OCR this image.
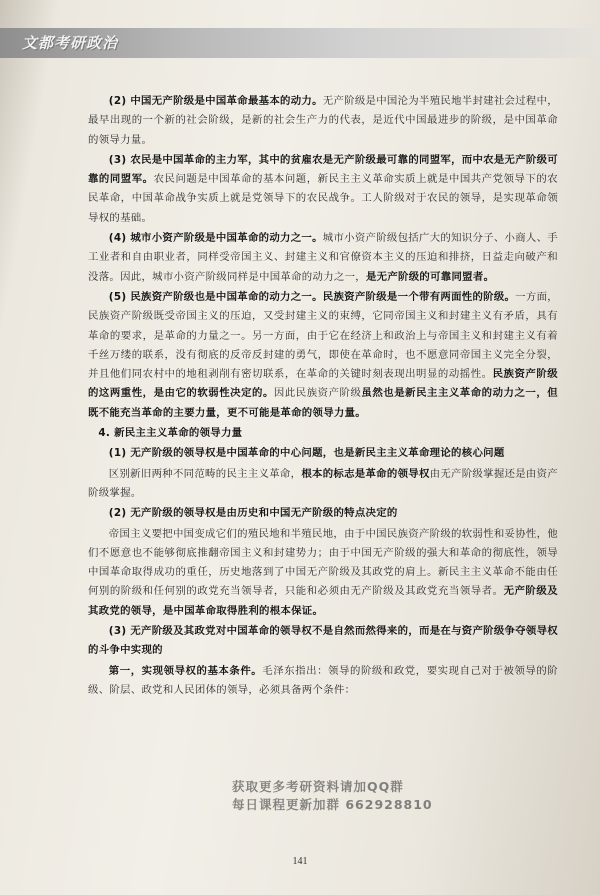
文都考研政治

(2) 中国无产阶级是中国革命最基本的动力。无产阶级是中国沦为半殖民地半封建社会过程中，最早出现的一个新的社会阶级，是新的社会生产力的代表，是近代中国最进步的阶级，是中国革命的领导力量。

(3) 农民是中国革命的主力军，其中的贫雇农是无产阶级最可靠的同盟军，而中农是无产阶级可靠的同盟军。农民问题是中国革命的基本问题，新民主主义革命实质上就是中国共产党领导下的农民革命，中国革命战争实质上就是党领导下的农民战争。工人阶级对于农民的领导，是实现革命领导权的基础。

(4) 城市小资产阶级是中国革命的动力之一。城市小资产阶级包括广大的知识分子、小商人、手工业者和自由职业者，同样受帝国主义、封建主义和官僚资本主义的压迫和排挤，日益走向破产和没落。因此，城市小资产阶级同样是中国革命的动力之一，是无产阶级的可靠同盟者。

(5) 民族资产阶级也是中国革命的动力之一。民族资产阶级是一个带有两面性的阶级。一方面，民族资产阶级既受帝国主义的压迫，又受封建主义的束缚，它同帝国主义和封建主义有矛盾，具有革命的要求，是革命的力量之一。另一方面，由于它在经济上和政治上与帝国主义和封建主义有着千丝万缕的联系，没有彻底的反帝反封建的勇气，即使在革命时，也不愿意同帝国主义完全分裂，并且他们同农村中的地租剥削有密切联系，在革命的关键时刻表现出明显的动摇性。民族资产阶级的这两重性，是由它的软弱性决定的。因此民族资产阶级虽然也是新民主主义革命的动力之一，但既不能充当革命的主要力量，更不可能是革命的领导力量。

4. 新民主主义革命的领导力量

(1) 无产阶级的领导权是中国革命的中心问题，也是新民主主义革命理论的核心问题

区别新旧两种不同范畴的民主主义革命，根本的标志是革命的领导权由无产阶级掌握还是由资产阶级掌握。

(2) 无产阶级的领导权是由历史和中国无产阶级的特点决定的

帝国主义要把中国变成它们的殖民地和半殖民地，由于中国民族资产阶级的软弱性和妥协性，他们不愿意也不能够彻底推翻帝国主义和封建势力；由于中国无产阶级的强大和革命的彻底性，领导中国革命取得成功的重任，历史地落到了中国无产阶级及其政党的肩上。新民主主义革命不能由任何别的阶级和任何别的政党充当领导者，只能和必须由无产阶级及其政党充当领导者。无产阶级及其政党的领导，是中国革命取得胜利的根本保证。

(3) 无产阶级及其政党对中国革命的领导权不是自然而然得来的，而是在与资产阶级争夺领导权的斗争中实现的

第一，实现领导权的基本条件。毛泽东指出：领导的阶级和政党，要实现自己对于被领导的阶级、阶层、政党和人民团体的领导，必须具备两个条件：

获取更多考研资料请加QQ群
每日课程更新加群 662928810
141
